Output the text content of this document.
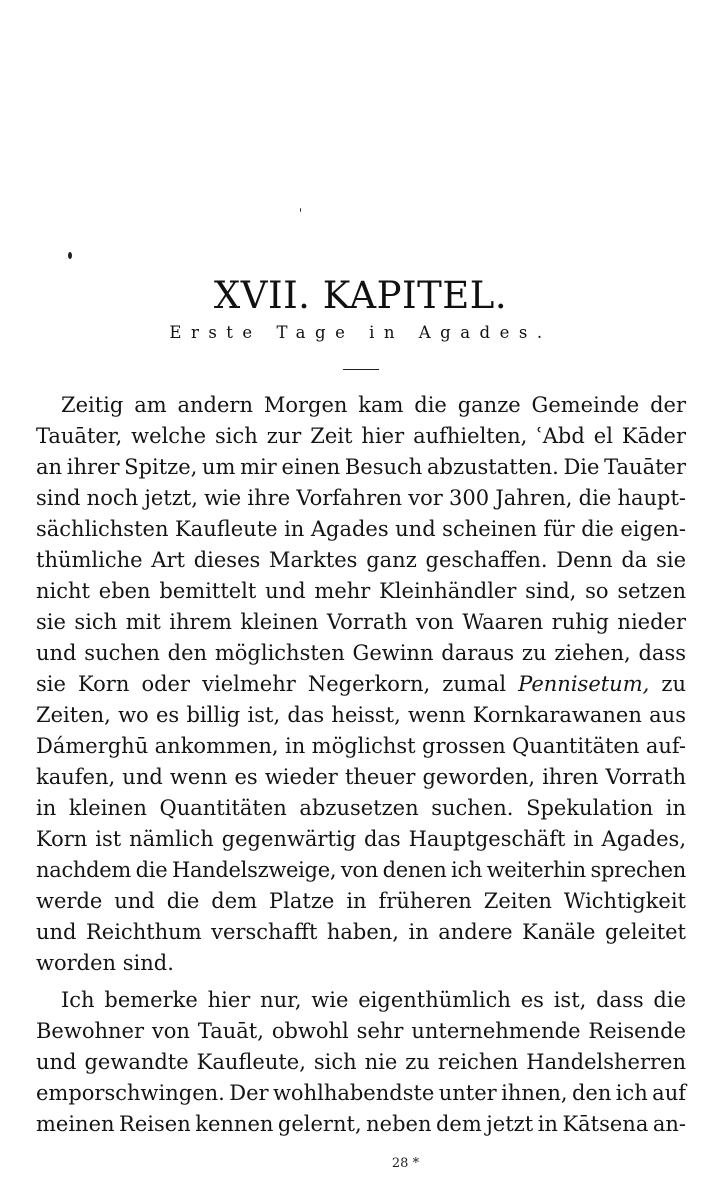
XVII. KAPITEL.
Erste Tage in Agades.
Zeitig am andern Morgen kam die ganze Gemeinde der
Tauāter, welche sich zur Zeit hier aufhielten, ʿAbd el Kāder
an ihrer Spitze, um mir einen Besuch abzustatten. Die Tauāter
sind noch jetzt, wie ihre Vorfahren vor 300 Jahren, die haupt-
sächlichsten Kaufleute in Agades und scheinen für die eigen-
thümliche Art dieses Marktes ganz geschaffen. Denn da sie
nicht eben bemittelt und mehr Kleinhändler sind, so setzen
sie sich mit ihrem kleinen Vorrath von Waaren ruhig nieder
und suchen den möglichsten Gewinn daraus zu ziehen, dass
sie Korn oder vielmehr Negerkorn, zumal Pennisetum, zu
Zeiten, wo es billig ist, das heisst, wenn Kornkarawanen aus
Dámerghū ankommen, in möglichst grossen Quantitäten auf-
kaufen, und wenn es wieder theuer geworden, ihren Vorrath
in kleinen Quantitäten abzusetzen suchen. Spekulation in
Korn ist nämlich gegenwärtig das Hauptgeschäft in Agades,
nachdem die Handelszweige, von denen ich weiterhin sprechen
werde und die dem Platze in früheren Zeiten Wichtigkeit
und Reichthum verschafft haben, in andere Kanäle geleitet
worden sind.
Ich bemerke hier nur, wie eigenthümlich es ist, dass die
Bewohner von Tauāt, obwohl sehr unternehmende Reisende
und gewandte Kaufleute, sich nie zu reichen Handelsherren
emporschwingen. Der wohlhabendste unter ihnen, den ich auf
meinen Reisen kennen gelernt, neben dem jetzt in Kātsena an-
28 *
